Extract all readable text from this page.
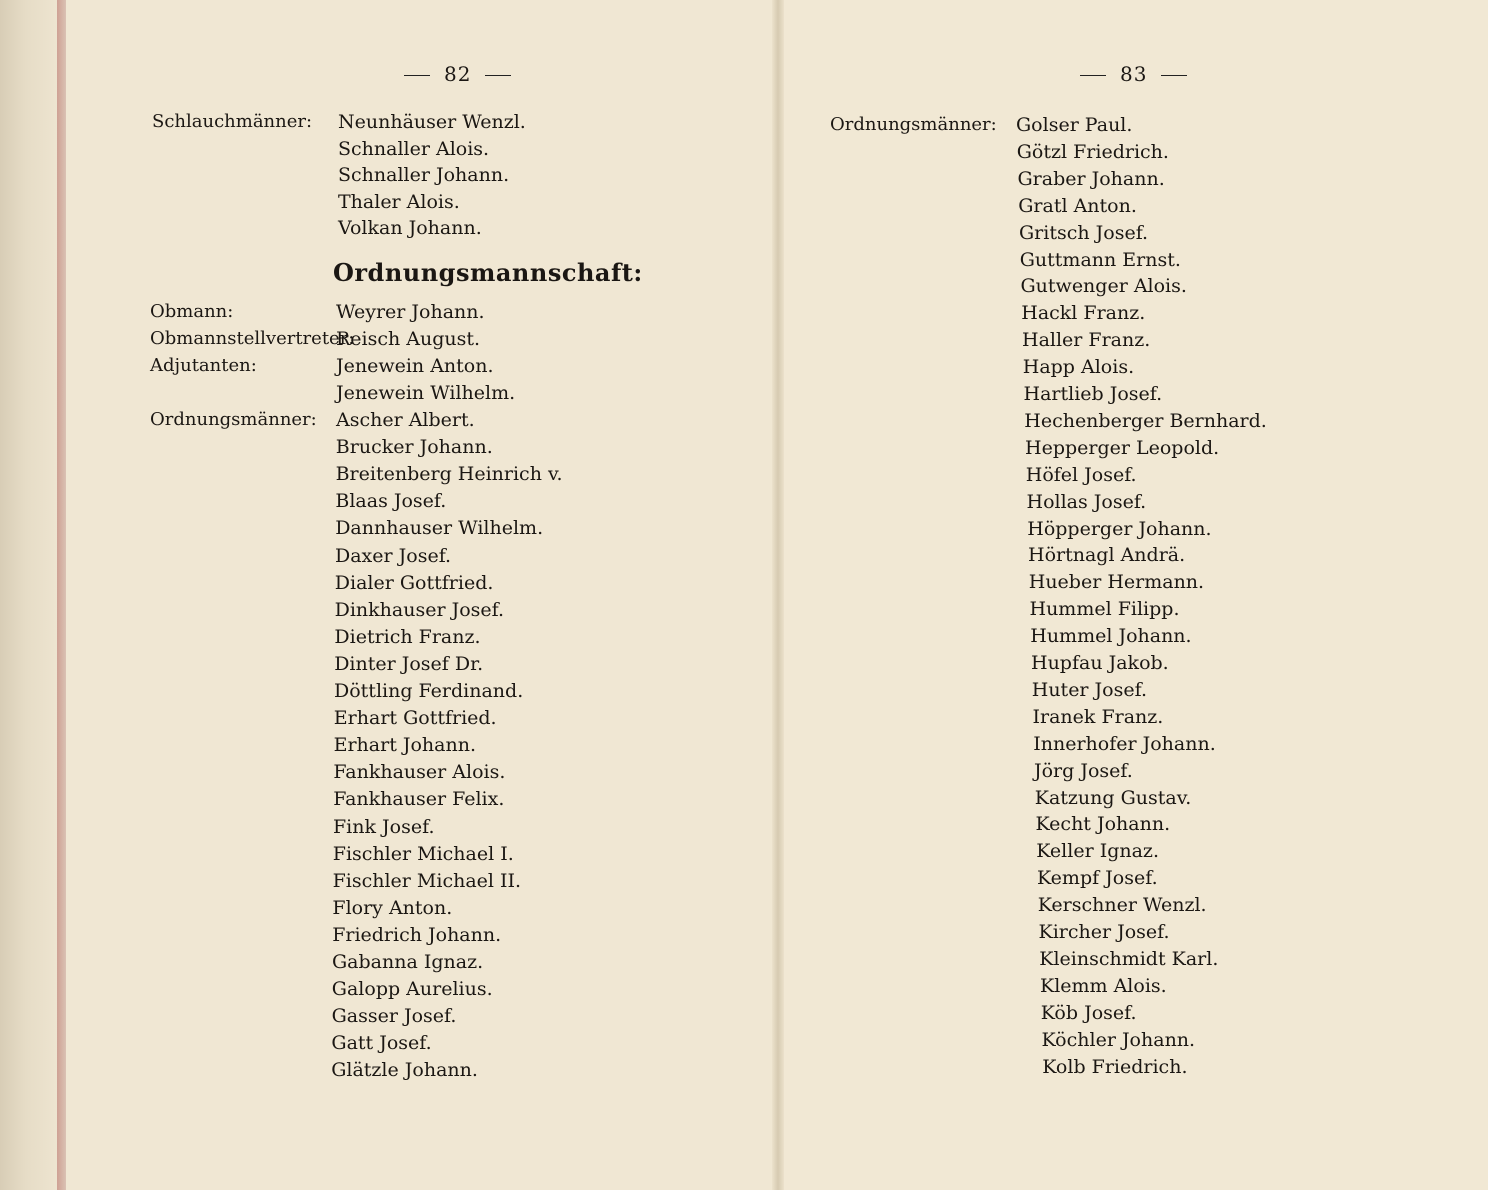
82	83
Schlauchmänner: Neunhäuser Wenzl.
Schnaller Alois.
Schnaller Johann.
Thaler Alois.
Volkan Johann.
Ordnungsmannschaft:
Obmann:	Weyrer Johann.
Obmannstellvertreter:
Reisch August.
Adjutanten:	Jenewein Anton.
Jenewein Wilhelm.
Ordnungsmänner: Ascher Albert.
Brucker Johann.
Breitenberg Heinrich v.
Blaas Josef.
Dannhauser Wilhelm.
Daxer Josef.
Dialer Gottfried.
Dinkhauser Josef.
Dietrich Franz.
Dinter Josef Dr.
Döttling Ferdinand.
Erhart Gottfried.
Erhart Johann.
Fankhauser Alois.
Fankhauser Felix.
Fink Josef.
Fischler Michael I.
Fischler Michael II.
Flory Anton.
Friedrich Johann.
Gabanna Ignaz.
Galopp Aurelius.
Gasser Josef.
Gatt Josef.
Glätzle Johann.
Ordnungsmänner: Golser Paul.
Götzl Friedrich.
Graber Johann.
Gratl Anton.
Gritsch Josef.
Guttmann Ernst.
Gutwenger Alois.
Hackl Franz.
Haller Franz.
Happ Alois.
Hartlieb Josef.
Hechenberger Bernhard.
Hepperger Leopold.
Höfel Josef.
Hollas Josef.
Höpperger Johann.
Hörtnagl Andrä.
Hueber Hermann.
Hummel Filipp.
Hummel Johann.
Hupfau Jakob.
Huter Josef.
Iranek Franz.
Innerhofer Johann.
Jörg Josef.
Katzung Gustav.
Kecht Johann.
Keller Ignaz.
Kempf Josef.
Kerschner Wenzl.
Kircher Josef.
Kleinschmidt Karl.
Klemm Alois.
Köb Josef.
Köchler Johann.
Kolb Friedrich.
